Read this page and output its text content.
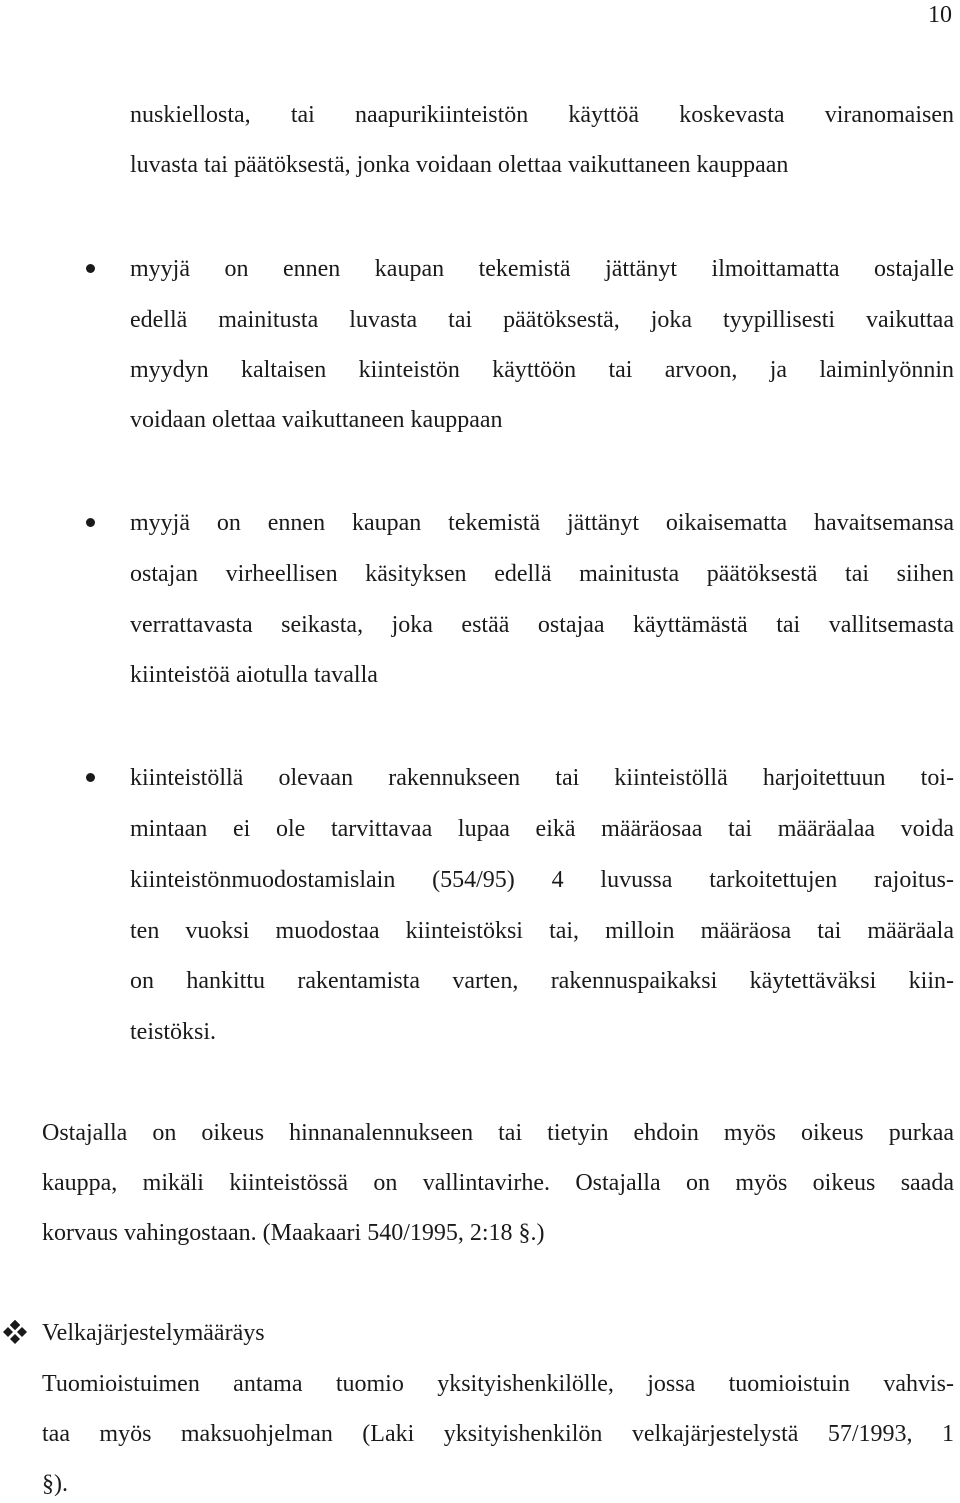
10
nuskiellosta, tai naapurikiinteistön käyttöä koskevasta viranomaisen
luvasta tai päätöksestä, jonka voidaan olettaa vaikuttaneen kauppaan
myyjä on ennen kaupan tekemistä jättänyt ilmoittamatta ostajalle
edellä mainitusta luvasta tai päätöksestä, joka tyypillisesti vaikuttaa
myydyn kaltaisen kiinteistön käyttöön tai arvoon, ja laiminlyönnin
voidaan olettaa vaikuttaneen kauppaan
myyjä on ennen kaupan tekemistä jättänyt oikaisematta havaitsemansa
ostajan virheellisen käsityksen edellä mainitusta päätöksestä tai siihen
verrattavasta seikasta, joka estää ostajaa käyttämästä tai vallitsemasta
kiinteistöä aiotulla tavalla
kiinteistöllä olevaan rakennukseen tai kiinteistöllä harjoitettuun toi-
mintaan ei ole tarvittavaa lupaa eikä määräosaa tai määräalaa voida
kiinteistönmuodostamislain (554/95) 4 luvussa tarkoitettujen rajoitus-
ten vuoksi muodostaa kiinteistöksi tai, milloin määräosa tai määräala
on hankittu rakentamista varten, rakennuspaikaksi käytettäväksi kiin-
teistöksi.
Ostajalla on oikeus hinnanalennukseen tai tietyin ehdoin myös oikeus purkaa
kauppa, mikäli kiinteistössä on vallintavirhe. Ostajalla on myös oikeus saada
korvaus vahingostaan. (Maakaari 540/1995, 2:18 §.)
Velkajärjestelymääräys
Tuomioistuimen antama tuomio yksityishenkilölle, jossa tuomioistuin vahvis-
taa myös maksuohjelman (Laki yksityishenkilön velkajärjestelystä 57/1993, 1
§).
